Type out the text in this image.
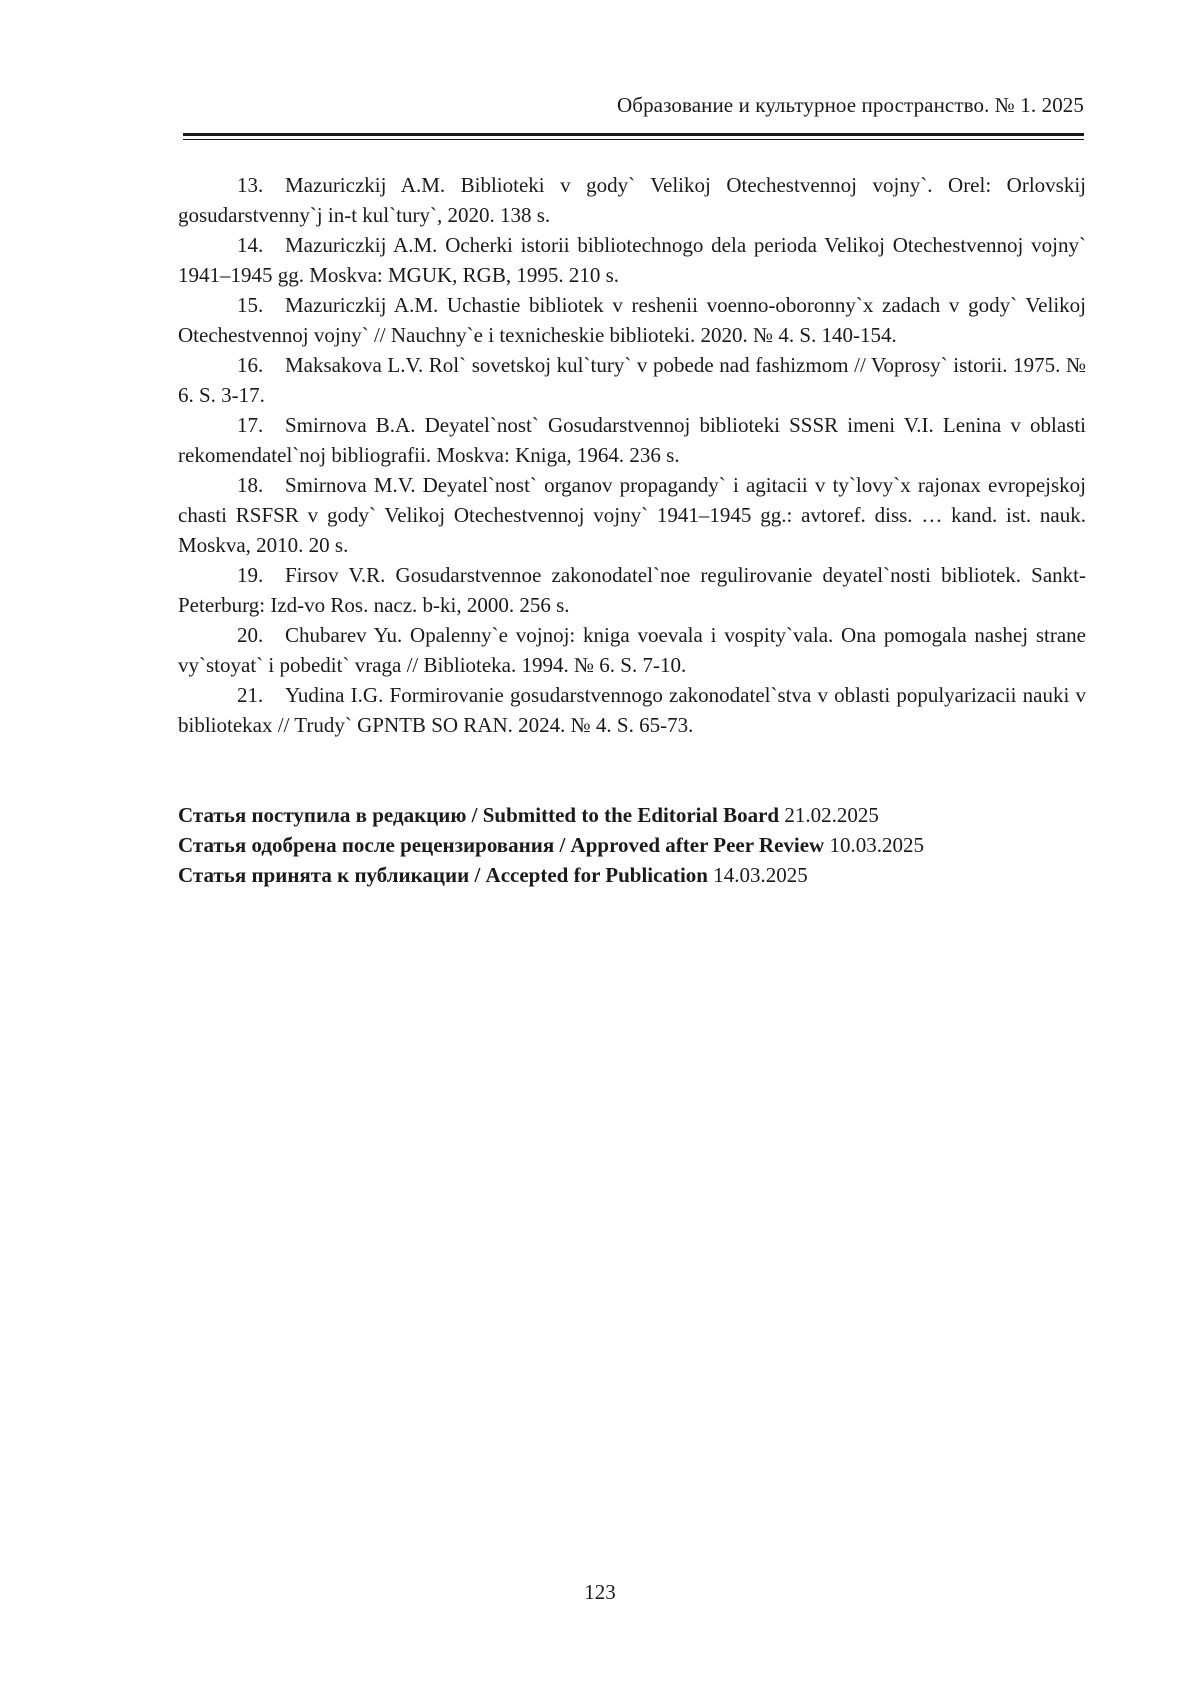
Образование и культурное пространство. № 1. 2025

13. Mazuriczkij A.M. Biblioteki v gody` Velikoj Otechestvennoj vojny`. Orel: Orlovskij gosudarstvenny`j in-t kul`tury`, 2020. 138 s.

14. Mazuriczkij A.M. Ocherki istorii bibliotechnogo dela perioda Velikoj Otechestvennoj vojny` 1941–1945 gg. Moskva: MGUK, RGB, 1995. 210 s.

15. Mazuriczkij A.M. Uchastie bibliotek v reshenii voenno-oboronny`x zadach v gody` Velikoj Otechestvennoj vojny` // Nauchny`e i texnicheskie biblioteki. 2020. № 4. S. 140-154.

16. Maksakova L.V. Rol` sovetskoj kul`tury` v pobede nad fashizmom // Voprosy` istorii. 1975. № 6. S. 3-17.

17. Smirnova B.A. Deyatel`nost` Gosudarstvennoj biblioteki SSSR imeni V.I. Lenina v oblasti rekomendatel`noj bibliografii. Moskva: Kniga, 1964. 236 s.

18. Smirnova M.V. Deyatel`nost` organov propagandy` i agitacii v ty`lovy`x rajonax evropejskoj chasti RSFSR v gody` Velikoj Otechestvennoj vojny` 1941–1945 gg.: avtoref. diss. … kand. ist. nauk. Moskva, 2010. 20 s.

19. Firsov V.R. Gosudarstvennoe zakonodatel`noe regulirovanie deyatel`nosti bibliotek. Sankt-Peterburg: Izd-vo Ros. nacz. b-ki, 2000. 256 s.

20. Chubarev Yu. Opalenny`e vojnoj: kniga voevala i vospity`vala. Ona pomogala nashej strane vy`stoyat` i pobedit` vraga // Biblioteka. 1994. № 6. S. 7-10.

21. Yudina I.G. Formirovanie gosudarstvennogo zakonodatel`stva v oblasti populyarizacii nauki v bibliotekax // Trudy` GPNTB SO RAN. 2024. № 4. S. 65-73.

Статья поступила в редакцию / Submitted to the Editorial Board 21.02.2025

Статья одобрена после рецензирования / Approved after Peer Review 10.03.2025

Статья принята к публикации / Accepted for Publication 14.03.2025

123
